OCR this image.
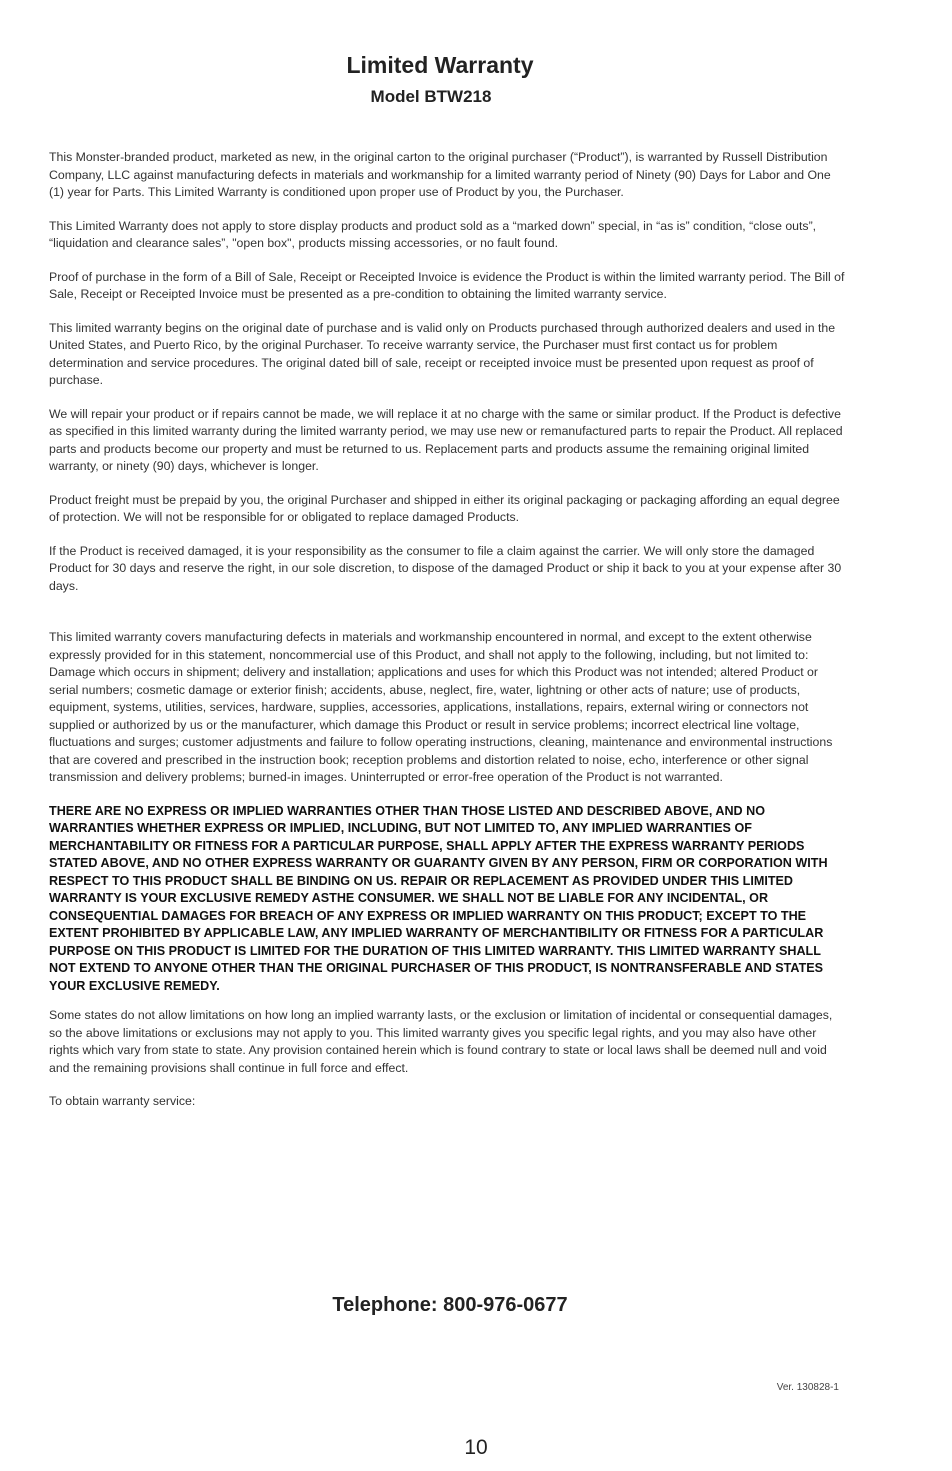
Limited Warranty
Model BTW218

This Monster-branded product, marketed as new, in the original carton to the original purchaser (“Product”), is warranted by Russell Distribution Company, LLC against manufacturing defects in materials and workmanship for a limited warranty period of Ninety (90) Days for Labor and One (1) year for Parts. This Limited Warranty is conditioned upon proper use of Product by you, the Purchaser.

This Limited Warranty does not apply to store display products and product sold as a “marked down” special, in “as is” condition, “close outs”, “liquidation and clearance sales”, "open box", products missing accessories, or no fault found.

Proof of purchase in the form of a Bill of Sale, Receipt or Receipted Invoice is evidence the Product is within the limited warranty period. The Bill of Sale, Receipt or Receipted Invoice must be presented as a pre-condition to obtaining the limited warranty service.

This limited warranty begins on the original date of purchase and is valid only on Products purchased through authorized dealers and used in the United States, and Puerto Rico, by the original Purchaser. To receive warranty service, the Purchaser must first contact us for problem determination and service procedures. The original dated bill of sale, receipt or receipted invoice must be presented upon request as proof of purchase.

We will repair your product or if repairs cannot be made, we will replace it at no charge with the same or similar product. If the Product is defective as specified in this limited warranty during the limited warranty period, we may use new or remanufactured parts to repair the Product. All replaced parts and products become our property and must be returned to us. Replacement parts and products assume the remaining original limited warranty, or ninety (90) days, whichever is longer.

Product freight must be prepaid by you, the original Purchaser and shipped in either its original packaging or packaging affording an equal degree of protection. We will not be responsible for or obligated to replace damaged Products.

If the Product is received damaged, it is your responsibility as the consumer to file a claim against the carrier. We will only store the damaged Product for 30 days and reserve the right, in our sole discretion, to dispose of the damaged Product or ship it back to you at your expense after 30 days.

This limited warranty covers manufacturing defects in materials and workmanship encountered in normal, and except to the extent otherwise expressly provided for in this statement, noncommercial use of this Product, and shall not apply to the following, including, but not limited to: Damage which occurs in shipment; delivery and installation; applications and uses for which this Product was not intended; altered Product or serial numbers; cosmetic damage or exterior finish; accidents, abuse, neglect, fire, water, lightning or other acts of nature; use of products, equipment, systems, utilities, services, hardware, supplies, accessories, applications, installations, repairs, external wiring or connectors not supplied or authorized by us or the manufacturer, which damage this Product or result in service problems; incorrect electrical line voltage, fluctuations and surges; customer adjustments and failure to follow operating instructions, cleaning, maintenance and environmental instructions that are covered and prescribed in the instruction book; reception problems and distortion related to noise, echo, interference or other signal transmission and delivery problems; burned-in images. Uninterrupted or error-free operation of the Product is not warranted.

THERE ARE NO EXPRESS OR IMPLIED WARRANTIES OTHER THAN THOSE LISTED AND DESCRIBED ABOVE, AND NO WARRANTIES WHETHER EXPRESS OR IMPLIED, INCLUDING, BUT NOT LIMITED TO, ANY IMPLIED WARRANTIES OF MERCHANTABILITY OR FITNESS FOR A PARTICULAR PURPOSE, SHALL APPLY AFTER THE EXPRESS WARRANTY PERIODS STATED ABOVE, AND NO OTHER EXPRESS WARRANTY OR GUARANTY GIVEN BY ANY PERSON, FIRM OR CORPORATION WITH RESPECT TO THIS PRODUCT SHALL BE BINDING ON US. REPAIR OR REPLACEMENT AS PROVIDED UNDER THIS LIMITED WARRANTY IS YOUR EXCLUSIVE REMEDY ASTHE CONSUMER. WE SHALL NOT BE LIABLE FOR ANY INCIDENTAL, OR CONSEQUENTIAL DAMAGES FOR BREACH OF ANY EXPRESS OR IMPLIED WARRANTY ON THIS PRODUCT; EXCEPT TO THE EXTENT PROHIBITED BY APPLICABLE LAW, ANY IMPLIED WARRANTY OF MERCHANTIBILITY OR FITNESS FOR A PARTICULAR PURPOSE ON THIS PRODUCT IS LIMITED FOR THE DURATION OF THIS LIMITED WARRANTY. THIS LIMITED WARRANTY SHALL NOT EXTEND TO ANYONE OTHER THAN THE ORIGINAL PURCHASER OF THIS PRODUCT, IS NONTRANSFERABLE AND STATES YOUR EXCLUSIVE REMEDY.

Some states do not allow limitations on how long an implied warranty lasts, or the exclusion or limitation of incidental or consequential damages, so the above limitations or exclusions may not apply to you. This limited warranty gives you specific legal rights, and you may also have other rights which vary from state to state. Any provision contained herein which is found contrary to state or local laws shall be deemed null and void and the remaining provisions shall continue in full force and effect.

To obtain warranty service:

Telephone: 800-976-0677
Ver. 130828-1
10
